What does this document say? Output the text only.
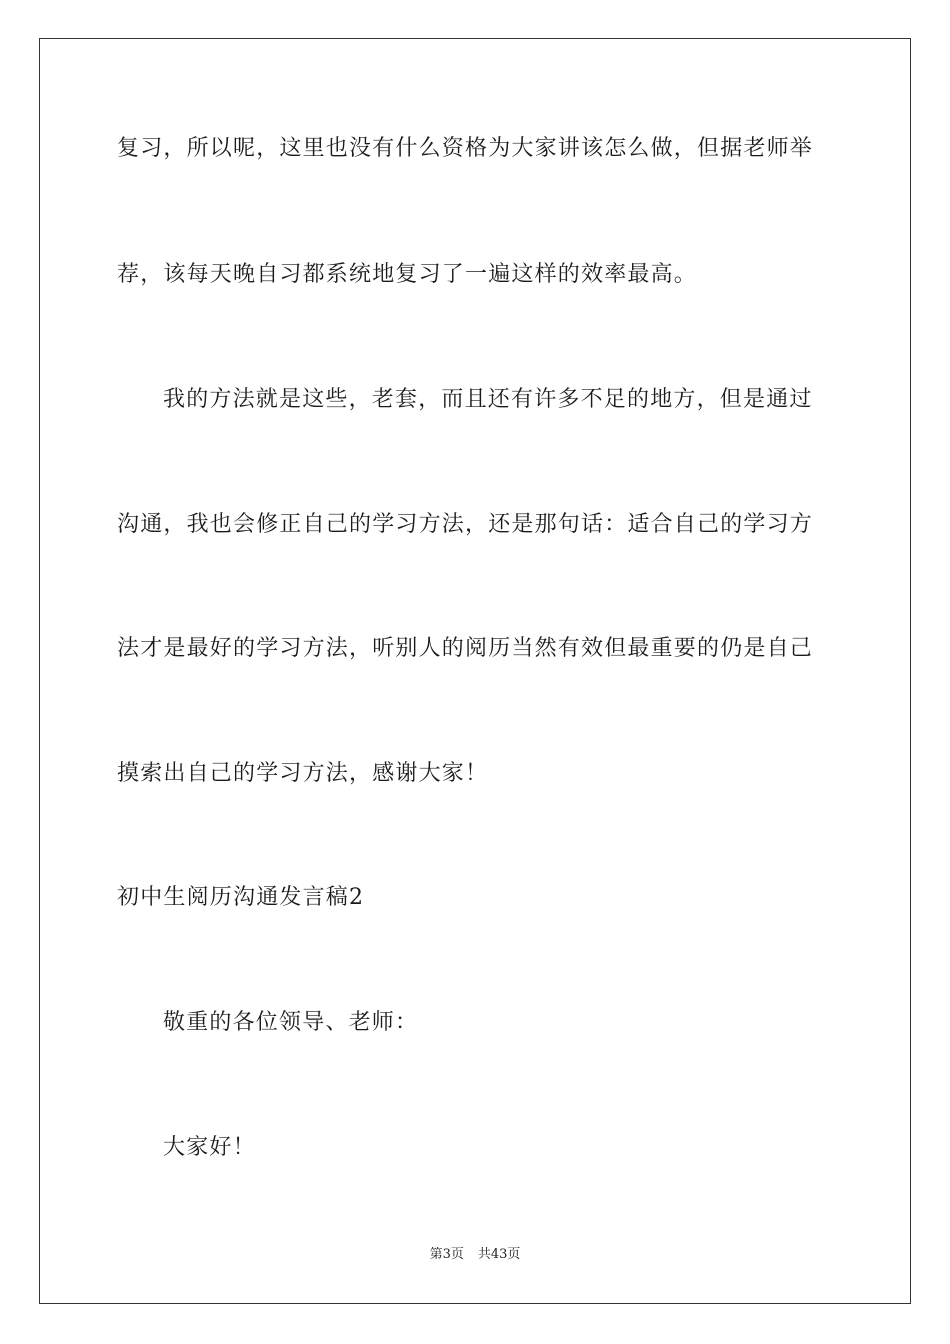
复习，所以呢，这里也没有什么资格为大家讲该怎么做，但据老师举
荐，该每天晚自习都系统地复习了一遍这样的效率最高。
我的方法就是这些，老套，而且还有许多不足的地方，但是通过
沟通，我也会修正自己的学习方法，还是那句话：适合自己的学习方
法才是最好的学习方法，听别人的阅历当然有效但最重要的仍是自己
摸索出自己的学习方法，感谢大家！
初中生阅历沟通发言稿2
敬重的各位领导、老师：
大家好！
第3页 共43页
